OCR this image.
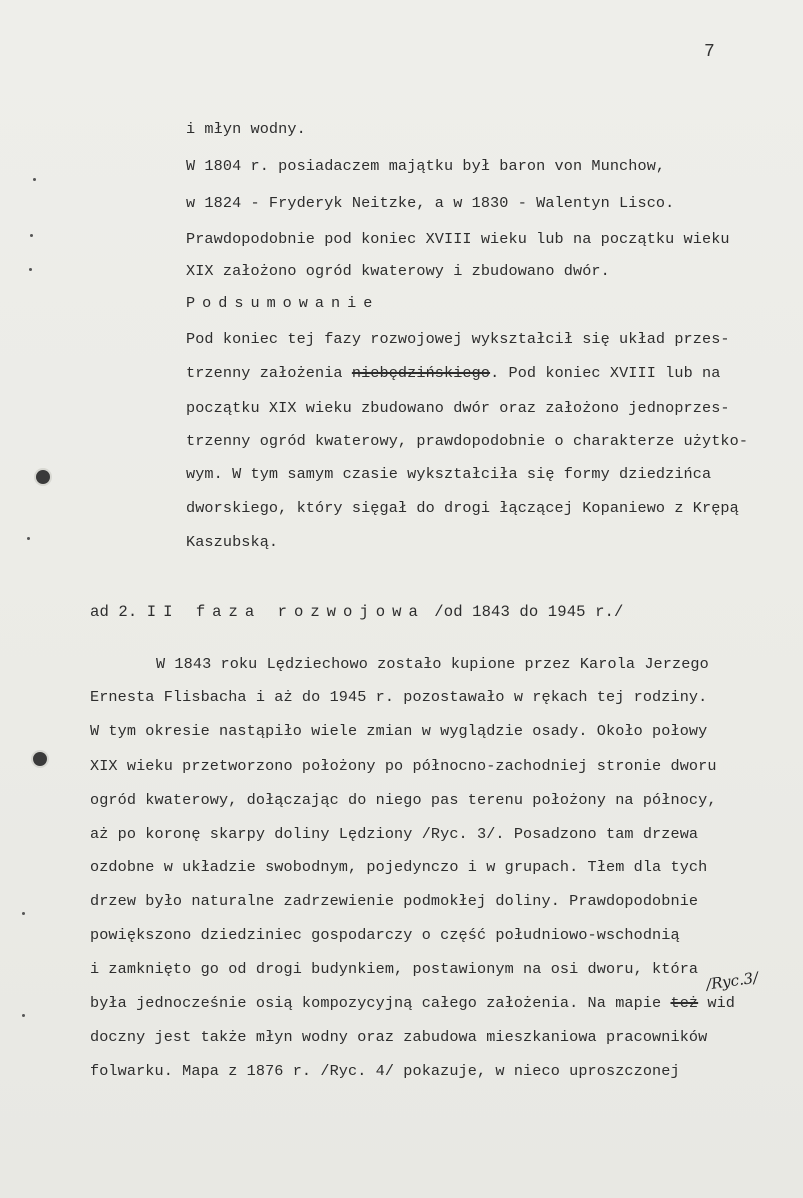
7
i młyn wodny.
W 1804 r. posiadaczem majątku był baron von Munchow,
w 1824 - Fryderyk Neitzke, a w 1830 - Walentyn Lisco.
Prawdopodobnie pod koniec XVIII wieku lub na początku wieku
XIX założono ogród kwaterowy i zbudowano dwór.
Podsumowanie
Pod koniec tej fazy rozwojowej wykształcił się układ przes-
trzenny założenia niebędzińskiego. Pod koniec XVIII lub na
początku XIX wieku zbudowano dwór oraz założono jednoprzes-
trzenny ogród kwaterowy, prawdopodobnie o charakterze użytko-
wym. W tym samym czasie wykształciła się formy dziedzińca
dworskiego, który sięgał do drogi łączącej Kopaniewo z Krępą
Kaszubską.
ad 2. II faza rozwojowa /od 1843 do 1945 r./
W 1843 roku Lędziechowo zostało kupione przez Karola Jerzego
Ernesta Flisbacha i aż do 1945 r. pozostawało w rękach tej rodziny.
W tym okresie nastąpiło wiele zmian w wyglądzie osady. Około połowy
XIX wieku przetworzono położony po północno-zachodniej stronie dworu
ogród kwaterowy, dołączając do niego pas terenu położony na północy,
aż po koronę skarpy doliny Lędziony /Ryc. 3/. Posadzono tam drzewa
ozdobne w układzie swobodnym, pojedynczo i w grupach. Tłem dla tych
drzew było naturalne zadrzewienie podmokłej doliny. Prawdopodobnie
powiększono dziedziniec gospodarczy o część południowo-wschodnią
i zamknięto go od drogi budynkiem, postawionym na osi dworu, która
była jednocześnie osią kompozycyjną całego założenia. Na mapie też wid
doczny jest także młyn wodny oraz zabudowa mieszkaniowa pracowników
folwarku. Mapa z 1876 r. /Ryc. 4/ pokazuje, w nieco uproszczonej
/Ryc.3/
